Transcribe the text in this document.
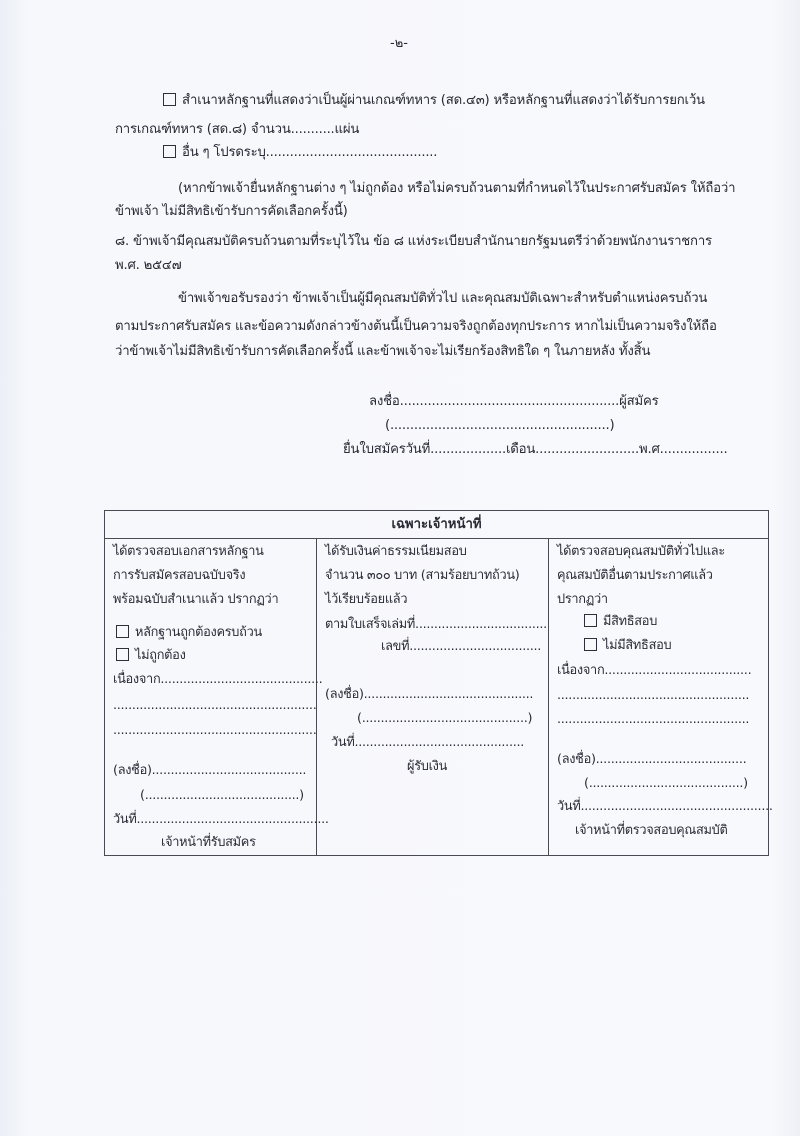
-๒-
สำเนาหลักฐานที่แสดงว่าเป็นผู้ผ่านเกณฑ์ทหาร (สด.๔๓) หรือหลักฐานที่แสดงว่าได้รับการยกเว้น
การเกณฑ์ทหาร (สด.๘) จำนวน...........แผ่น
อื่น ๆ โปรดระบุ...........................................
(หากข้าพเจ้ายื่นหลักฐานต่าง ๆ ไม่ถูกต้อง หรือไม่ครบถ้วนตามที่กำหนดไว้ในประกาศรับสมัคร ให้ถือว่า
ข้าพเจ้า ไม่มีสิทธิเข้ารับการคัดเลือกครั้งนี้)
๘. ข้าพเจ้ามีคุณสมบัติครบถ้วนตามที่ระบุไว้ใน ข้อ ๘ แห่งระเบียบสำนักนายกรัฐมนตรีว่าด้วยพนักงานราชการ
พ.ศ. ๒๕๔๗
ข้าพเจ้าขอรับรองว่า ข้าพเจ้าเป็นผู้มีคุณสมบัติทั่วไป และคุณสมบัติเฉพาะสำหรับตำแหน่งครบถ้วน
ตามประกาศรับสมัคร และข้อความดังกล่าวข้างต้นนี้เป็นความจริงถูกต้องทุกประการ หากไม่เป็นความจริงให้ถือ
ว่าข้าพเจ้าไม่มีสิทธิเข้ารับการคัดเลือกครั้งนี้ และข้าพเจ้าจะไม่เรียกร้องสิทธิใด ๆ ในภายหลัง ทั้งสิ้น
ลงชื่อ.......................................................ผู้สมัคร
(.......................................................)
ยื่นใบสมัครวันที่...................เดือน..........................พ.ศ.................
เฉพาะเจ้าหน้าที่
ได้ตรวจสอบเอกสารหลักฐาน
การรับสมัครสอบฉบับจริง
พร้อมฉบับสำเนาแล้ว ปรากฏว่า
หลักฐานถูกต้องครบถ้วน
ไม่ถูกต้อง
เนื่องจาก...........................................
......................................................
......................................................
(ลงชื่อ).........................................
(.........................................)
วันที่...................................................
เจ้าหน้าที่รับสมัคร
ได้รับเงินค่าธรรมเนียมสอบ
จำนวน ๓๐๐ บาท (สามร้อยบาทถ้วน)
ไว้เรียบร้อยแล้ว
ตามใบเสร็จเล่มที่...................................
เลขที่...................................
(ลงชื่อ).............................................
(............................................)
วันที่.............................................
ผู้รับเงิน
ได้ตรวจสอบคุณสมบัติทั่วไปและ
คุณสมบัติอื่นตามประกาศแล้ว
ปรากฏว่า
มีสิทธิสอบ
ไม่มีสิทธิสอบ
เนื่องจาก.......................................
...................................................
...................................................
(ลงชื่อ)........................................
(.........................................)
วันที่...................................................
เจ้าหน้าที่ตรวจสอบคุณสมบัติ
